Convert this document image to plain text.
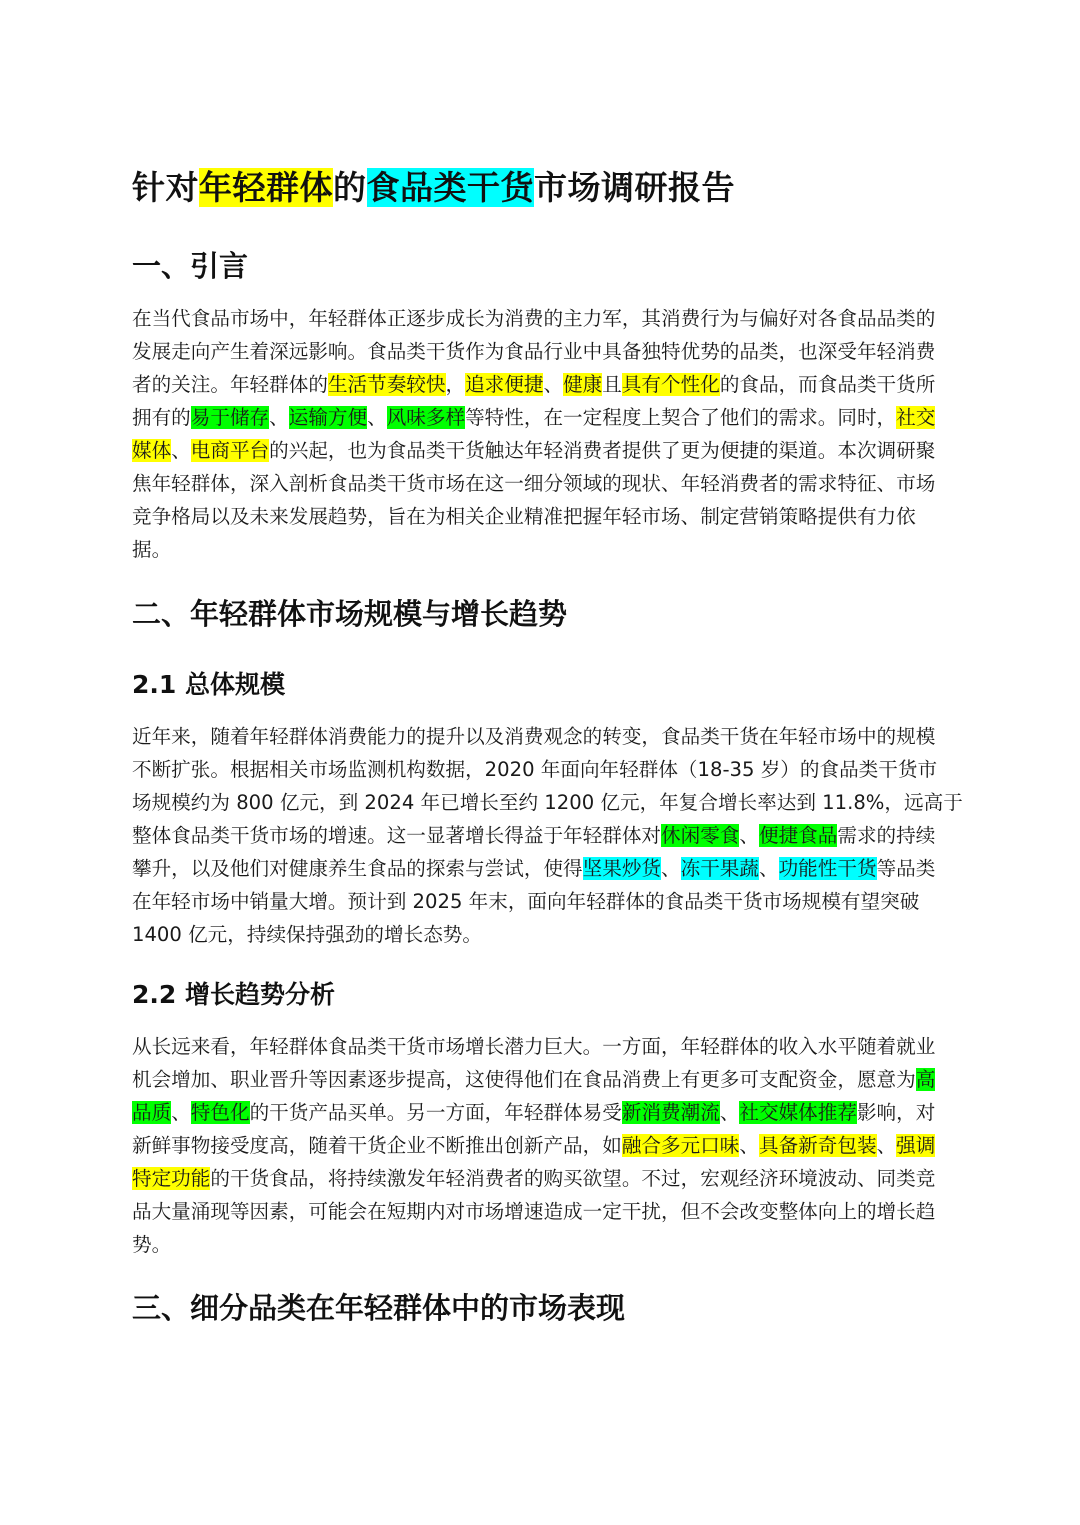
针对年轻群体的食品类干货市场调研报告
一、引言
在当代食品市场中，年轻群体正逐步成长为消费的主力军，其消费行为与偏好对各食品品类的
发展走向产生着深远影响。食品类干货作为食品行业中具备独特优势的品类，也深受年轻消费
者的关注。年轻群体的生活节奏较快，追求便捷、健康且具有个性化的食品，而食品类干货所
拥有的易于储存、运输方便、风味多样等特性，在一定程度上契合了他们的需求。同时，社交
媒体、电商平台的兴起，也为食品类干货触达年轻消费者提供了更为便捷的渠道。本次调研聚
焦年轻群体，深入剖析食品类干货市场在这一细分领域的现状、年轻消费者的需求特征、市场
竞争格局以及未来发展趋势，旨在为相关企业精准把握年轻市场、制定营销策略提供有力依
据。
二、年轻群体市场规模与增长趋势
2.1 总体规模
近年来，随着年轻群体消费能力的提升以及消费观念的转变，食品类干货在年轻市场中的规模
不断扩张。根据相关市场监测机构数据，2020 年面向年轻群体（18-35 岁）的食品类干货市
场规模约为 800 亿元，到 2024 年已增长至约 1200 亿元，年复合增长率达到 11.8%，远高于
整体食品类干货市场的增速。这一显著增长得益于年轻群体对休闲零食、便捷食品需求的持续
攀升，以及他们对健康养生食品的探索与尝试，使得坚果炒货、冻干果蔬、功能性干货等品类
在年轻市场中销量大增。预计到 2025 年末，面向年轻群体的食品类干货市场规模有望突破
1400 亿元，持续保持强劲的增长态势。
2.2 增长趋势分析
从长远来看，年轻群体食品类干货市场增长潜力巨大。一方面，年轻群体的收入水平随着就业
机会增加、职业晋升等因素逐步提高，这使得他们在食品消费上有更多可支配资金，愿意为高
品质、特色化的干货产品买单。另一方面，年轻群体易受新消费潮流、社交媒体推荐影响，对
新鲜事物接受度高，随着干货企业不断推出创新产品，如融合多元口味、具备新奇包装、强调
特定功能的干货食品，将持续激发年轻消费者的购买欲望。不过，宏观经济环境波动、同类竞
品大量涌现等因素，可能会在短期内对市场增速造成一定干扰，但不会改变整体向上的增长趋
势。
三、细分品类在年轻群体中的市场表现
